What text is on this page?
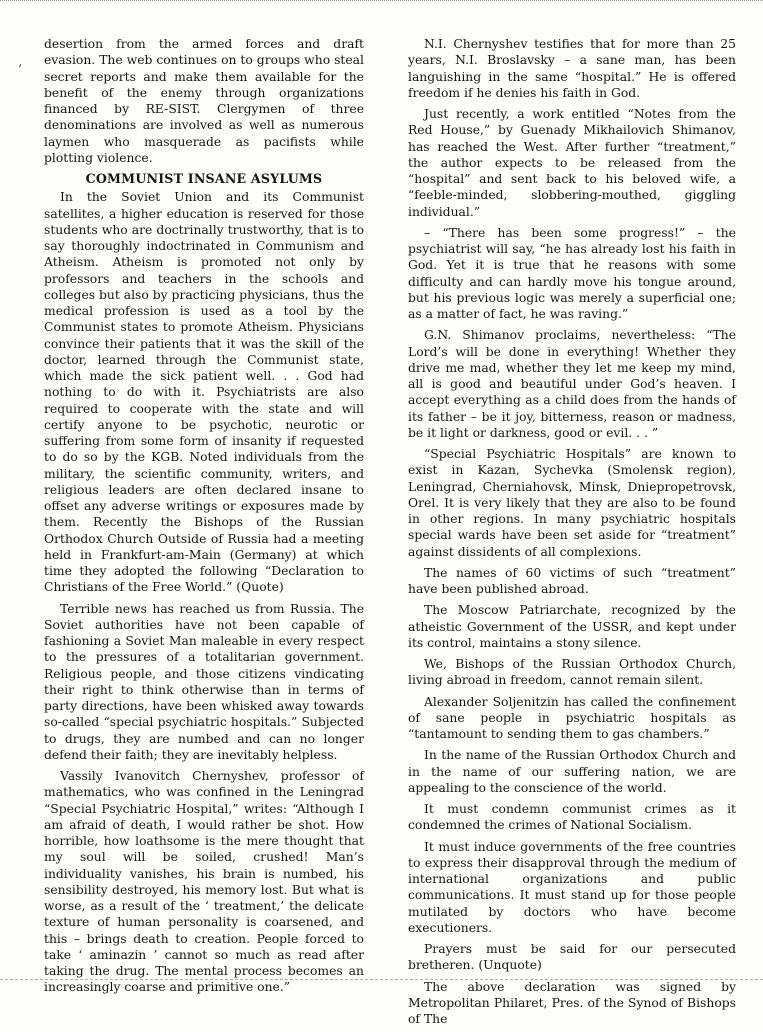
ʻ

desertion from the armed forces and draft evasion. The web continues on to groups who steal secret reports and make them available for the benefit of the enemy through organizations financed by RE-SIST. Clergymen of three denominations are involved as well as numerous laymen who masquerade as pacifists while plotting violence.

COMMUNIST INSANE ASYLUMS

In the Soviet Union and its Communist satellites, a higher education is reserved for those students who are doctrinally trustworthy, that is to say thoroughly indoctrinated in Communism and Atheism. Atheism is promoted not only by professors and teachers in the schools and colleges but also by practicing physicians, thus the medical profession is used as a tool by the Communist states to promote Atheism. Physicians convince their patients that it was the skill of the doctor, learned through the Communist state, which made the sick patient well. . . God had nothing to do with it. Psychiatrists are also required to cooperate with the state and will certify anyone to be psychotic, neurotic or suffering from some form of insanity if requested to do so by the KGB. Noted individuals from the military, the scientific community, writers, and religious leaders are often declared insane to offset any adverse writings or exposures made by them. Recently the Bishops of the Russian Orthodox Church Outside of Russia had a meeting held in Frankfurt-am-Main (Germany) at which time they adopted the following “Declaration to Christians of the Free World.” (Quote)

Terrible news has reached us from Russia. The Soviet authorities have not been capable of fashioning a Soviet Man maleable in every respect to the pressures of a totalitarian government. Religious people, and those citizens vindicating their right to think otherwise than in terms of party directions, have been whisked away towards so-called “special psychiatric hospitals.” Subjected to drugs, they are numbed and can no longer defend their faith; they are inevitably helpless.

Vassily Ivanovitch Chernyshev, professor of mathematics, who was confined in the Leningrad “Special Psychiatric Hospital,” writes: “Although I am afraid of death, I would rather be shot. How horrible, how loathsome is the mere thought that my soul will be soiled, crushed! Man’s individuality vanishes, his brain is numbed, his sensibility destroyed, his memory lost. But what is worse, as a result of the ‘ treatment,’ the delicate texture of human personality is coarsened, and this – brings death to creation. People forced to take ‘ aminazin ’ cannot so much as read after taking the drug. The mental process becomes an increasingly coarse and primitive one.”

N.I. Chernyshev testifies that for more than 25 years, N.I. Broslavsky – a sane man, has been languishing in the same “hospital.” He is offered freedom if he denies his faith in God.

Just recently, a work entitled “Notes from the Red House,” by Guenady Mikhailovich Shimanov, has reached the West. After further “treatment,” the author expects to be released from the “hospital” and sent back to his beloved wife, a “feeble-minded, slobbering-mouthed, giggling individual.”

– “There has been some progress!” – the psychiatrist will say, “he has already lost his faith in God. Yet it is true that he reasons with some difficulty and can hardly move his tongue around, but his previous logic was merely a superficial one; as a matter of fact, he was raving.”

G.N. Shimanov proclaims, nevertheless: “The Lord’s will be done in everything! Whether they drive me mad, whether they let me keep my mind, all is good and beautiful under God’s heaven. I accept everything as a child does from the hands of its father – be it joy, bitterness, reason or madness, be it light or darkness, good or evil. . . ”

“Special Psychiatric Hospitals” are known to exist in Kazan, Sychevka (Smolensk region), Leningrad, Cherniahovsk, Minsk, Dniepropetrovsk, Orel. It is very likely that they are also to be found in other regions. In many psychiatric hospitals special wards have been set aside for “treatment” against dissidents of all complexions.

The names of 60 victims of such “treatment” have been published abroad.

The Moscow Patriarchate, recognized by the atheistic Government of the USSR, and kept under its control, maintains a stony silence.

We, Bishops of the Russian Orthodox Church, living abroad in freedom, cannot remain silent.

Alexander Soljenitzin has called the confinement of sane people in psychiatric hospitals as “tantamount to sending them to gas chambers.”

In the name of the Russian Orthodox Church and in the name of our suffering nation, we are appealing to the conscience of the world.

It must condemn communist crimes as it condemned the crimes of National Socialism.

It must induce governments of the free countries to express their disapproval through the medium of international organizations and public communications. It must stand up for those people mutilated by doctors who have become executioners.

Prayers must be said for our persecuted bretheren. (Unquote)

The above declaration was signed by Metropolitan Philaret, Pres. of the Synod of Bishops of The
